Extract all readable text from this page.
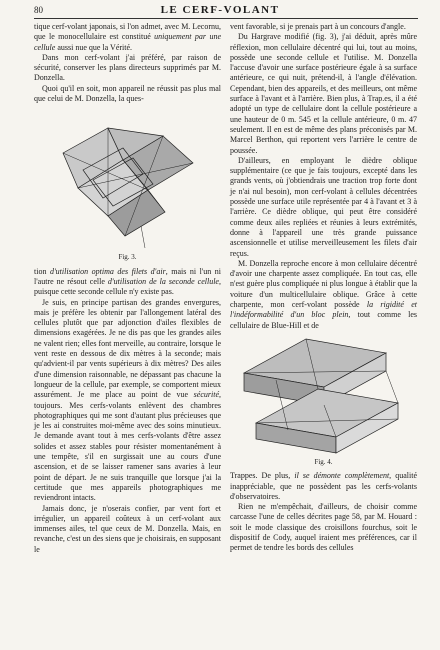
80	LE CERF-VOLANT

tique cerf-volant japonais, si l'on admet, avec M. Lecornu, que le monocellulaire est constitué uniquement par une cellule aussi nue que la Vérité.

Dans mon cerf-volant j'ai préféré, par raison de sécurité, conserver les plans directeurs supprimés par M. Donzella.

Quoi qu'il en soit, mon appareil ne réussit pas plus mal que celui de M. Donzella, la ques-

Fig. 3.

tion d'utilisation optima des filets d'air, mais ni l'un ni l'autre ne résout celle d'utilisation de la seconde cellule, puisque cette seconde cellule n'y existe pas.

Je suis, en principe partisan des grandes envergures, mais je préfère les obtenir par l'allongement latéral des cellules plutôt que par adjonction d'ailes flexibles de dimensions exagérées. Je ne dis pas que les grandes ailes ne valent rien; elles font merveille, au contraire, lorsque le vent reste en dessous de dix mètres à la seconde; mais qu'advient-il par vents supérieurs à dix mètres? Des ailes d'une dimension raisonnable, ne dépassant pas chacune la longueur de la cellule, par exemple, se comportent mieux assurément. Je me place au point de vue sécurité, toujours. Mes cerfs-volants enlèvent des chambres photographiques qui me sont d'autant plus précieuses que je les ai construites moi-même avec des soins minutieux. Je demande avant tout à mes cerfs-volants d'être assez solides et assez stables pour résister momentanément à une tempête, s'il en surgissait une au cours d'une ascension, et de se laisser ramener sans avaries à leur point de départ. Je ne suis tranquille que lorsque j'ai la certitude que mes appareils photographiques me reviendront intacts.

Jamais donc, je n'oserais confier, par vent fort et irrégulier, un appareil coûteux à un cerf-volant aux immenses ailes, tel que ceux de M. Donzella. Mais, en revanche, c'est un des siens que je choisirais, en supposant le

vent favorable, si je prenais part à un concours d'angle.

Du Hargrave modifié (fig. 3), j'ai déduit, après mûre réflexion, mon cellulaire décentré qui lui, tout au moins, possède une seconde cellule et l'utilise. M. Donzella l'accuse d'avoir une surface postérieure égale à sa surface antérieure, ce qui nuit, prétend-il, à l'angle d'élévation. Cependant, bien des appareils, et des meilleurs, ont même surface à l'avant et à l'arrière. Bien plus, à Trap.es, il a été adopté un type de cellulaire dont la cellule postérieure a une hauteur de 0 m. 545 et la cellule antérieure, 0 m. 47 seulement. Il en est de même des plans préconisés par M. Marcel Berthon, qui reportent vers l'arrière le centre de poussée.

D'ailleurs, en employant le dièdre oblique supplémentaire (ce que je fais toujours, excepté dans les grands vents, où j'obtiendrais une traction trop forte dont je n'ai nul besoin), mon cerf-volant à cellules décentrées possède une surface utile représentée par 4 à l'avant et 3 à l'arrière. Ce dièdre oblique, qui peut être considéré comme deux ailes repliées et réunies à leurs extrémités, donne à l'appareil une très grande puissance ascensionnelle et utilise merveilleusement les filets d'air reçus.

M. Donzella reproche encore à mon cellulaire décentré d'avoir une charpente assez compliquée. En tout cas, elle n'est guère plus compliquée ni plus longue à établir que la voiture d'un multicellulaire oblique. Grâce à cette charpente, mon cerf-volant possède la rigidité et l'indéformabilité d'un bloc plein, tout comme les cellulaire de Blue-Hill et de

Fig. 4.

Trappes. De plus, il se démonte complètement, qualité inappréciable, que ne possèdent pas les cerfs-volants d'observatoires.

Rien ne m'empêchait, d'ailleurs, de choisir comme carcasse l'une de celles décrites page 58, par M. Houard : soit le mode classique des croisillons fourchus, soit le dispositif de Cody, auquel iraient mes préférences, car il permet de tendre les bords des cellules
